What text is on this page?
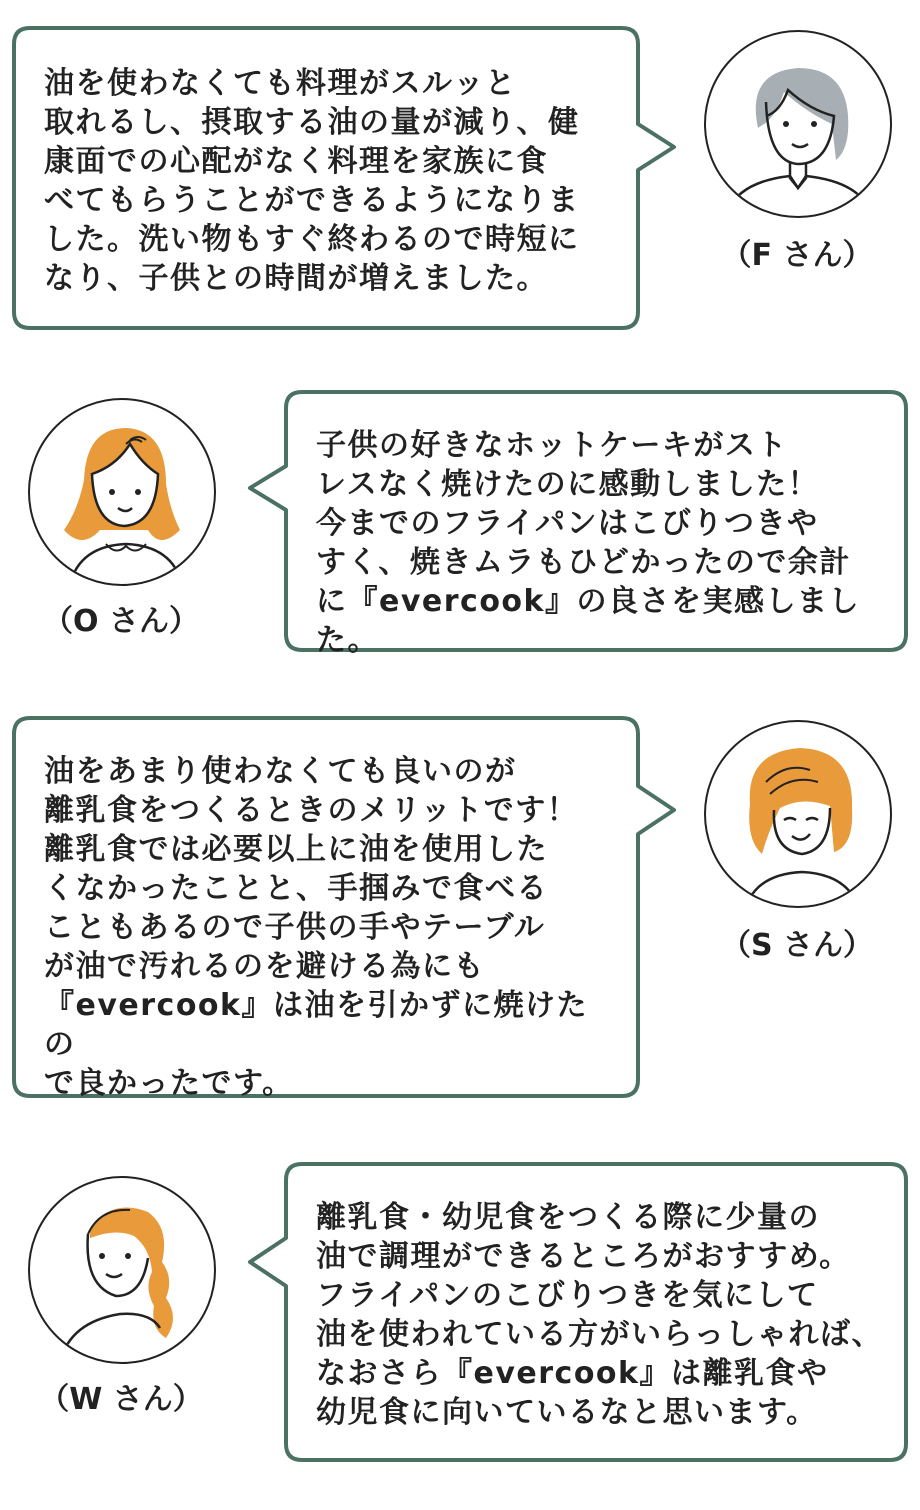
油を使わなくても料理がスルッと
取れるし、摂取する油の量が減り、健
康面での心配がなく料理を家族に食
べてもらうことができるようになりま
した。洗い物もすぐ終わるので時短に
なり、子供との時間が増えました。
（F さん）
（O さん）
子供の好きなホットケーキがスト
レスなく焼けたのに感動しました！
今までのフライパンはこびりつきや
すく、焼きムラもひどかったので余計
に『evercook』の良さを実感しました。
油をあまり使わなくても良いのが
離乳食をつくるときのメリットです！
離乳食では必要以上に油を使用した
くなかったことと、手掴みで食べる
こともあるので子供の手やテーブル
が油で汚れるのを避ける為にも
『evercook』は油を引かずに焼けたの
で良かったです。
（S さん）
（W さん）
離乳食・幼児食をつくる際に少量の
油で調理ができるところがおすすめ。
フライパンのこびりつきを気にして
油を使われている方がいらっしゃれば、
なおさら『evercook』は離乳食や
幼児食に向いているなと思います。
